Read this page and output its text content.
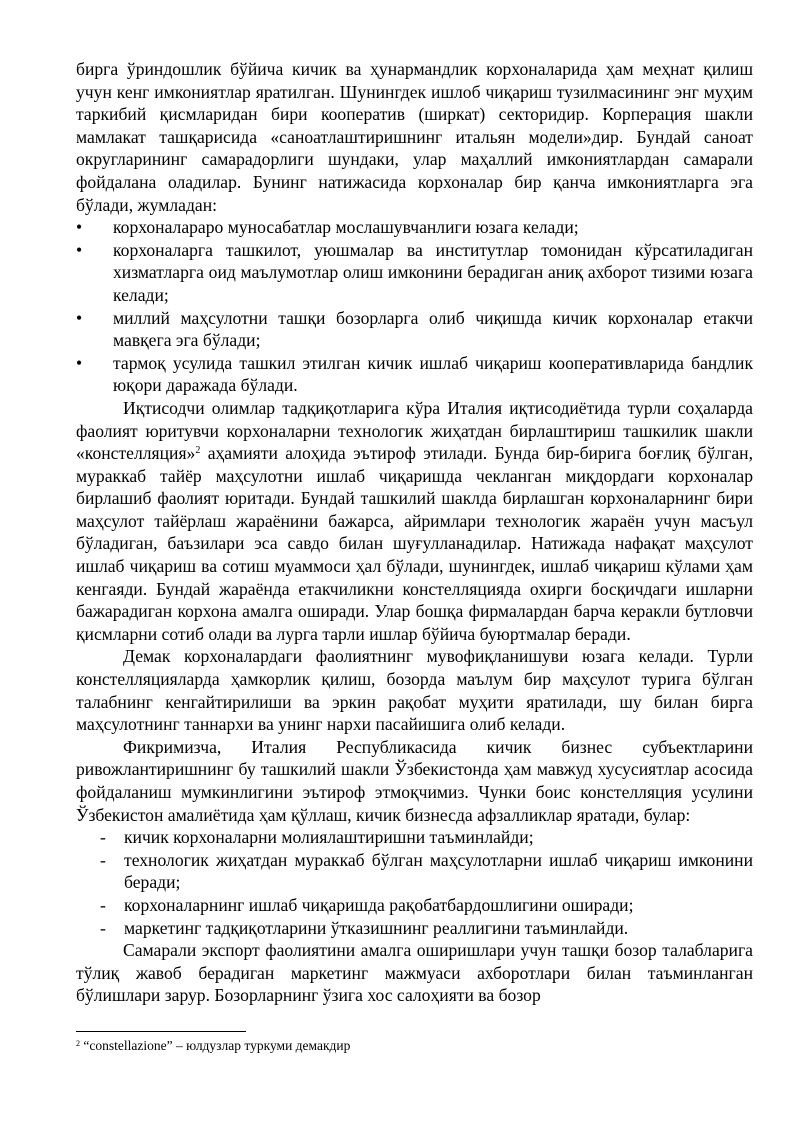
бирга ўриндошлик бўйича кичик ва ҳунармандлик корхоналарида ҳам меҳнат қилиш учун кенг имкониятлар яратилган. Шунингдек ишлоб чиқариш тузилмасининг энг муҳим таркибий қисмларидан бири кооператив (ширкат) секторидир. Корперация шакли мамлакат ташқарисида «саноатлаштиришнинг итальян модели»дир. Бундай саноат округларининг самарадорлиги шундаки, улар маҳаллий имкониятлардан самарали фойдалана оладилар. Бунинг натижасида корхоналар бир қанча имкониятларга эга бўлади, жумладан:

• корхоналараро муносабатлар мослашувчанлиги юзага келади;
• корхоналарга ташкилот, уюшмалар ва институтлар томонидан кўрсатиладиган хизматларга оид маълумотлар олиш имконини берадиган аниқ ахборот тизими юзага келади;
• миллий маҳсулотни ташқи бозорларга олиб чиқишда кичик корхоналар етакчи мавқега эга бўлади;
• тармоқ усулида ташкил этилган кичик ишлаб чиқариш кооперативларида бандлик юқори даражада бўлади.

Иқтисодчи олимлар тадқиқотларига кўра Италия иқтисодиётида турли соҳаларда фаолият юритувчи корхоналарни технологик жиҳатдан бирлаштириш ташкилик шакли «констелляция»$^2$ аҳамияти алоҳида эътироф этилади. Бунда бир-бирига боғлиқ бўлган, мураккаб тайёр маҳсулотни ишлаб чиқаришда чекланган миқдордаги корхоналар бирлашиб фаолият юритади. Бундай ташкилий шаклда бирлашган корхоналарнинг бири маҳсулот тайёрлаш жараёнини бажарса, айримлари технологик жараён учун масъул бўладиган, баъзилари эса савдо билан шуғулланадилар. Натижада нафақат маҳсулот ишлаб чиқариш ва сотиш муаммоси ҳал бўлади, шунингдек, ишлаб чиқариш кўлами ҳам кенгаяди. Бундай жараёнда етакчиликни констелляцияда охирги босқичдаги ишларни бажарадиган корхона амалга оширади. Улар бошқа фирмалардан барча керакли бутловчи қисмларни сотиб олади ва лурга тарли ишлар бўйича буюртмалар беради.

Демак корхоналардаги фаолиятнинг мувофиқланишуви юзага келади. Турли констелляцияларда ҳамкорлик қилиш, бозорда маълум бир маҳсулот турига бўлган талабнинг кенгайтирилиши ва эркин рақобат муҳити яратилади, шу билан бирга маҳсулотнинг таннархи ва унинг нархи пасайишига олиб келади.

Фикримизча, Италия Республикасида кичик бизнес субъектларини ривожлантиришнинг бу ташкилий шакли Ўзбекистонда ҳам мавжуд хусусиятлар асосида фойдаланиш мумкинлигини эътироф этмоқчимиз. Чунки боис констелляция усулини Ўзбекистон амалиётида ҳам қўллаш, кичик бизнесда афзалликлар яратади, булар:

- кичик корхоналарни молиялаштиришни таъминлайди;
- технологик жиҳатдан мураккаб бўлган маҳсулотларни ишлаб чиқариш имконини беради;
- корхоналарнинг ишлаб чиқаришда рақобатбардошлигини оширади;
- маркетинг тадқиқотларини ўтказишнинг реаллигини таъминлайди.

Самарали экспорт фаолиятини амалга оширишлари учун ташқи бозор талабларига тўлиқ жавоб берадиган маркетинг мажмуаси ахборотлари билан таъминланган бўлишлари зарур. Бозорларнинг ўзига хос салоҳияти ва бозор

$^2$ “constellazione” – юлдузлар туркуми демакдир
